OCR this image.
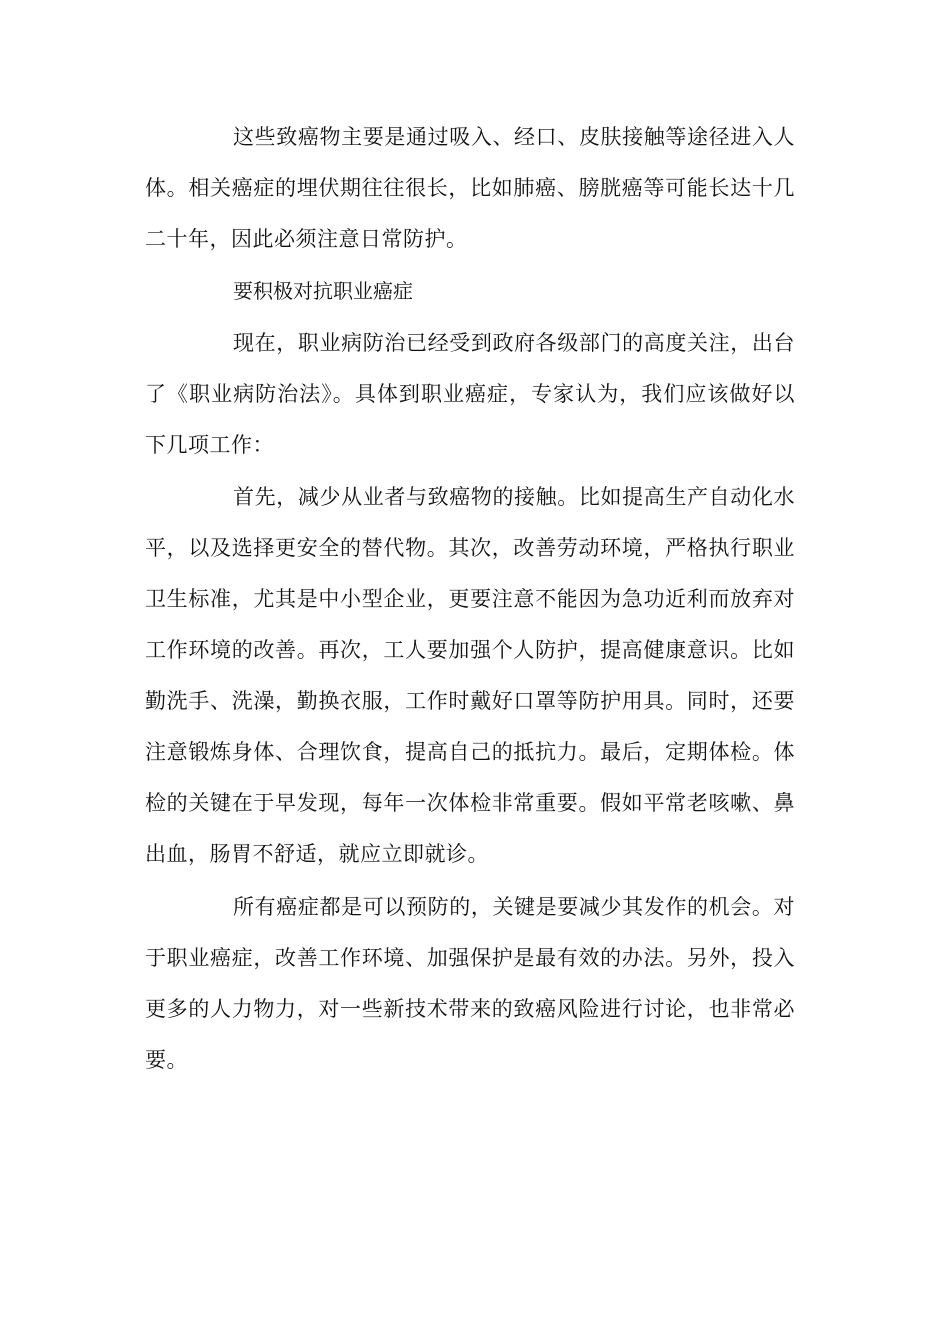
这些致癌物主要是通过吸入、经口、皮肤接触等途径进入人体。相关癌症的埋伏期往往很长，比如肺癌、膀胱癌等可能长达十几二十年，因此必须注意日常防护。

要积极对抗职业癌症

现在，职业病防治已经受到政府各级部门的高度关注，出台了《职业病防治法》。具体到职业癌症，专家认为，我们应该做好以下几项工作：

首先，减少从业者与致癌物的接触。比如提高生产自动化水平，以及选择更安全的替代物。其次，改善劳动环境，严格执行职业卫生标准，尤其是中小型企业，更要注意不能因为急功近利而放弃对工作环境的改善。再次，工人要加强个人防护，提高健康意识。比如勤洗手、洗澡，勤换衣服，工作时戴好口罩等防护用具。同时，还要注意锻炼身体、合理饮食，提高自己的抵抗力。最后，定期体检。体检的关键在于早发现，每年一次体检非常重要。假如平常老咳嗽、鼻出血，肠胃不舒适，就应立即就诊。

所有癌症都是可以预防的，关键是要减少其发作的机会。对于职业癌症，改善工作环境、加强保护是最有效的办法。另外，投入更多的人力物力，对一些新技术带来的致癌风险进行讨论，也非常必要。
